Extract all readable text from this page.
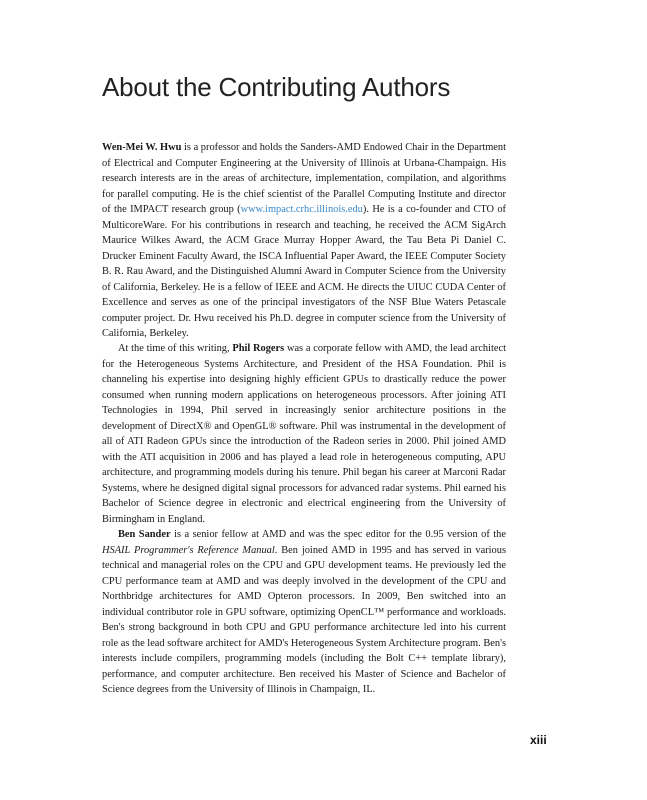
About the Contributing Authors

Wen-Mei W. Hwu is a professor and holds the Sanders-AMD Endowed Chair in the Department of Electrical and Computer Engineering at the University of Illinois at Urbana-Champaign. His research interests are in the areas of architecture, implementation, compilation, and algorithms for parallel computing. He is the chief scientist of the Parallel Computing Institute and director of the IMPACT research group (www.impact.crhc.illinois.edu). He is a co-founder and CTO of MulticoreWare. For his contributions in research and teaching, he received the ACM SigArch Maurice Wilkes Award, the ACM Grace Murray Hopper Award, the Tau Beta Pi Daniel C. Drucker Eminent Faculty Award, the ISCA Influential Paper Award, the IEEE Computer Society B. R. Rau Award, and the Distinguished Alumni Award in Computer Science from the University of California, Berkeley. He is a fellow of IEEE and ACM. He directs the UIUC CUDA Center of Excellence and serves as one of the principal investigators of the NSF Blue Waters Petascale computer project. Dr. Hwu received his Ph.D. degree in computer science from the University of California, Berkeley.

At the time of this writing, Phil Rogers was a corporate fellow with AMD, the lead architect for the Heterogeneous Systems Architecture, and President of the HSA Foundation. Phil is channeling his expertise into designing highly efficient GPUs to drastically reduce the power consumed when running modern applications on heterogeneous processors. After joining ATI Technologies in 1994, Phil served in increasingly senior architecture positions in the development of DirectX® and OpenGL® software. Phil was instrumental in the development of all of ATI Radeon GPUs since the introduction of the Radeon series in 2000. Phil joined AMD with the ATI acquisition in 2006 and has played a lead role in heterogeneous computing, APU architecture, and programming models during his tenure. Phil began his career at Marconi Radar Systems, where he designed digital signal processors for advanced radar systems. Phil earned his Bachelor of Science degree in electronic and electrical engineering from the University of Birmingham in England.

Ben Sander is a senior fellow at AMD and was the spec editor for the 0.95 version of the HSAIL Programmer's Reference Manual. Ben joined AMD in 1995 and has served in various technical and managerial roles on the CPU and GPU development teams. He previously led the CPU performance team at AMD and was deeply involved in the development of the CPU and Northbridge architectures for AMD Opteron processors. In 2009, Ben switched into an individual contributor role in GPU software, optimizing OpenCL™ performance and workloads. Ben's strong background in both CPU and GPU performance architecture led into his current role as the lead software architect for AMD's Heterogeneous System Architecture program. Ben's interests include compilers, programming models (including the Bolt C++ template library), performance, and computer architecture. Ben received his Master of Science and Bachelor of Science degrees from the University of Illinois in Champaign, IL.

xiii
